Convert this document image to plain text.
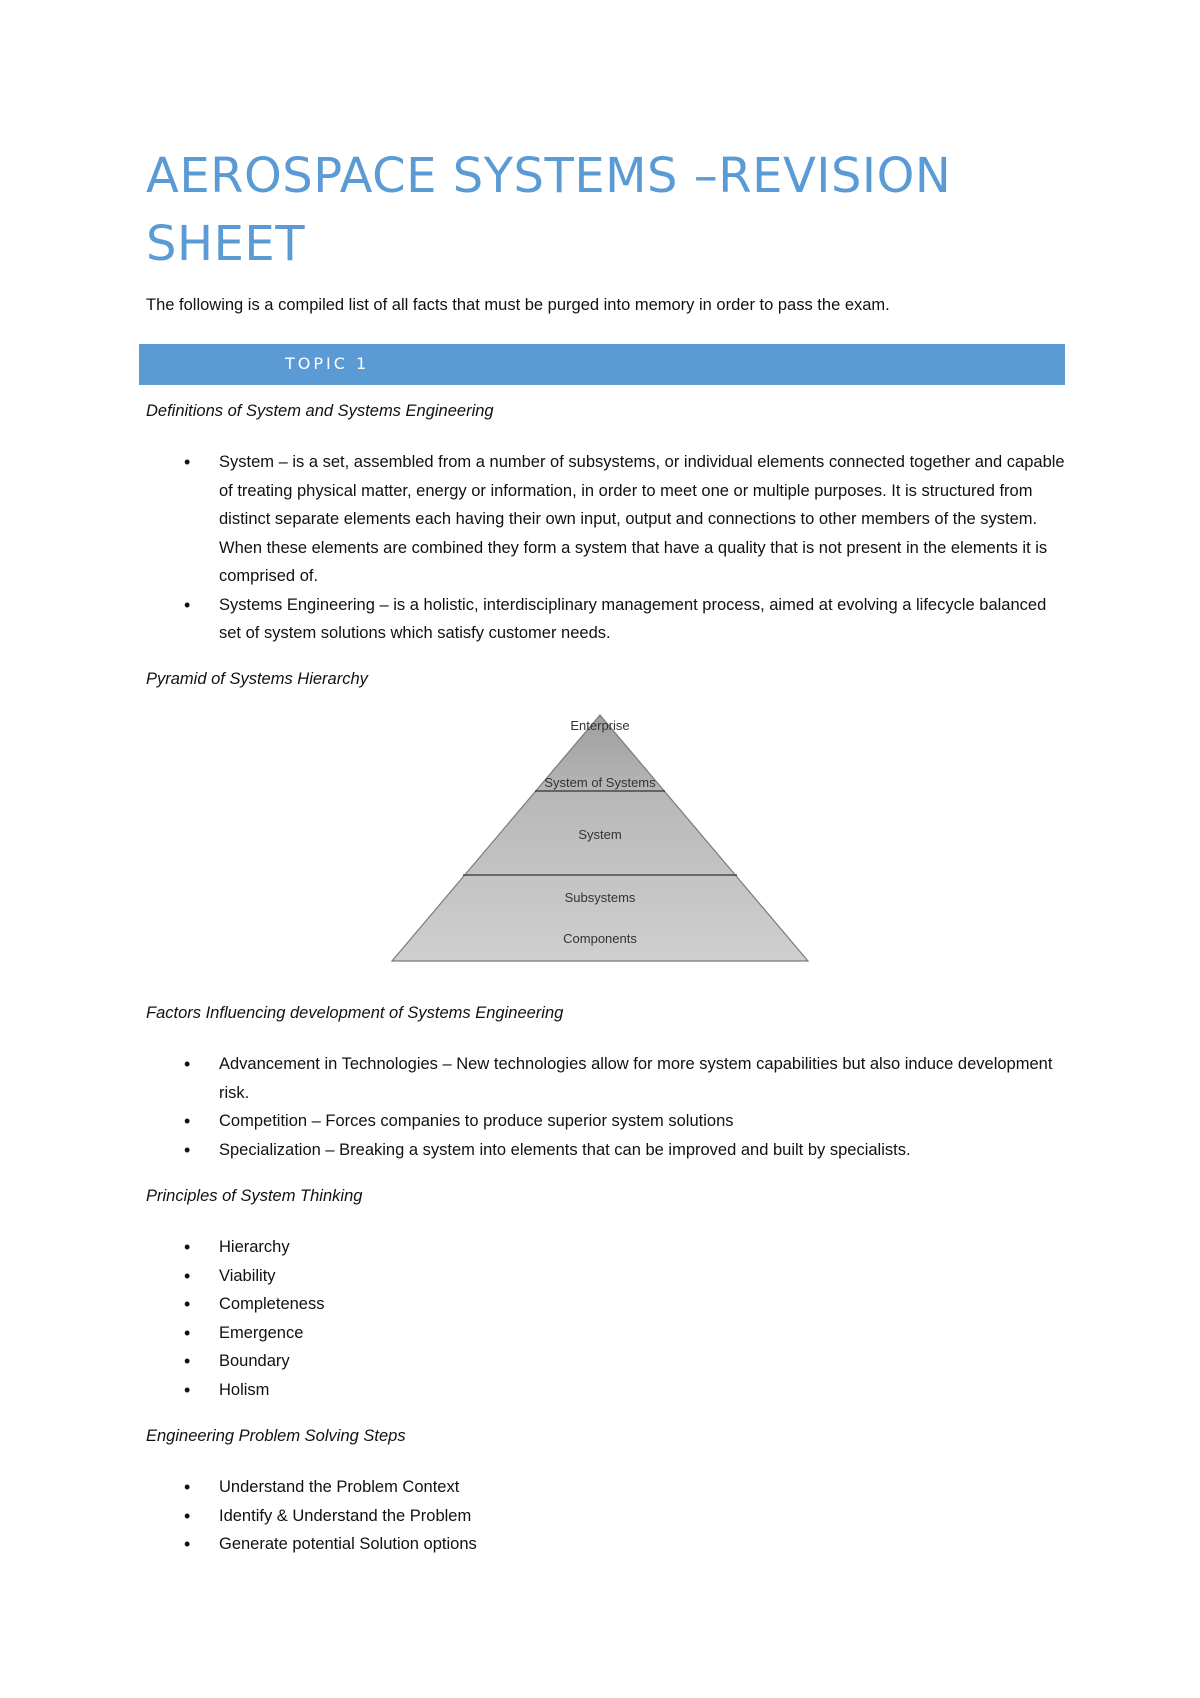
AEROSPACE SYSTEMS –REVISION SHEET
The following is a compiled list of all facts that must be purged into memory in order to pass the exam.
TOPIC 1
Definitions of System and Systems Engineering
• System – is a set, assembled from a number of subsystems, or individual elements connected together and capable of treating physical matter, energy or information, in order to meet one or multiple purposes. It is structured from distinct separate elements each having their own input, output and connections to other members of the system. When these elements are combined they form a system that have a quality that is not present in the elements it is comprised of.
• Systems Engineering – is a holistic, interdisciplinary management process, aimed at evolving a lifecycle balanced set of system solutions which satisfy customer needs.
Pyramid of Systems Hierarchy
Enterprise
System of Systems
System
Subsystems
Components
Factors Influencing development of Systems Engineering
• Advancement in Technologies – New technologies allow for more system capabilities but also induce development risk.
• Competition – Forces companies to produce superior system solutions
• Specialization – Breaking a system into elements that can be improved and built by specialists.
Principles of System Thinking
• Hierarchy
• Viability
• Completeness
• Emergence
• Boundary
• Holism
Engineering Problem Solving Steps
• Understand the Problem Context
• Identify & Understand the Problem
• Generate potential Solution options
